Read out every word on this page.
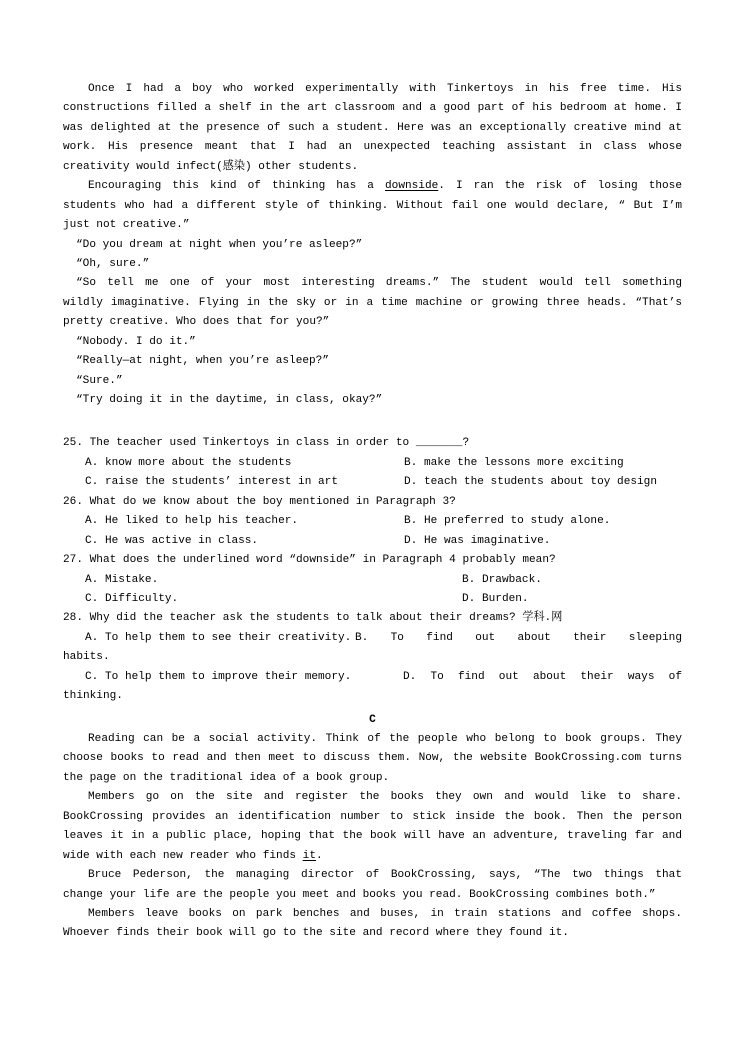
Once I had a boy who worked experimentally with Tinkertoys in his free time. His
constructions filled a shelf in the art classroom and a good part of his bedroom at home. I
was delighted at the presence of such a student. Here was an exceptionally creative mind at
work. His presence meant that I had an unexpected teaching assistant in class whose
creativity would infect(感染) other students.
Encouraging this kind of thinking has a downside. I ran the risk of losing those
students who had a different style of thinking. Without fail one would declare, “ But I’m
just not creative.”
“Do you dream at night when you’re asleep?”
“Oh, sure.”
“So tell me one of your most interesting dreams.” The student would tell something
wildly imaginative. Flying in the sky or in a time machine or growing three heads. “That’s
pretty creative. Who does that for you?”
“Nobody. I do it.”
“Really—at night, when you’re asleep?”
“Sure.”
“Try doing it in the daytime, in class, okay?”
25. The teacher used Tinkertoys in class in order to _______?
A. know more about the students	B. make the lessons more exciting
C. raise the students’ interest in art	D. teach the students about toy design
26. What do we know about the boy mentioned in Paragraph 3?
A. He liked to help his teacher.	B. He preferred to study alone.
C. He was active in class.	D. He was imaginative.
27. What does the underlined word “downside” in Paragraph 4 probably mean?
A. Mistake.	B. Drawback.
C. Difficulty.	D. Burden.
28. Why did the teacher ask the students to talk about their dreams? 学科.网
A. To help them to see their creativity. B. To find out about their sleeping
habits.
C. To help them to improve their memory.	D. To find out about their ways of
thinking.
C
Reading can be a social activity. Think of the people who belong to book groups. They
choose books to read and then meet to discuss them. Now, the website BookCrossing.com turns
the page on the traditional idea of a book group.
Members go on the site and register the books they own and would like to share.
BookCrossing provides an identification number to stick inside the book. Then the person
leaves it in a public place, hoping that the book will have an adventure, traveling far and
wide with each new reader who finds it.
Bruce Pederson, the managing director of BookCrossing, says, “The two things that
change your life are the people you meet and books you read. BookCrossing combines both.”
Members leave books on park benches and buses, in train stations and coffee shops.
Whoever finds their book will go to the site and record where they found it.
